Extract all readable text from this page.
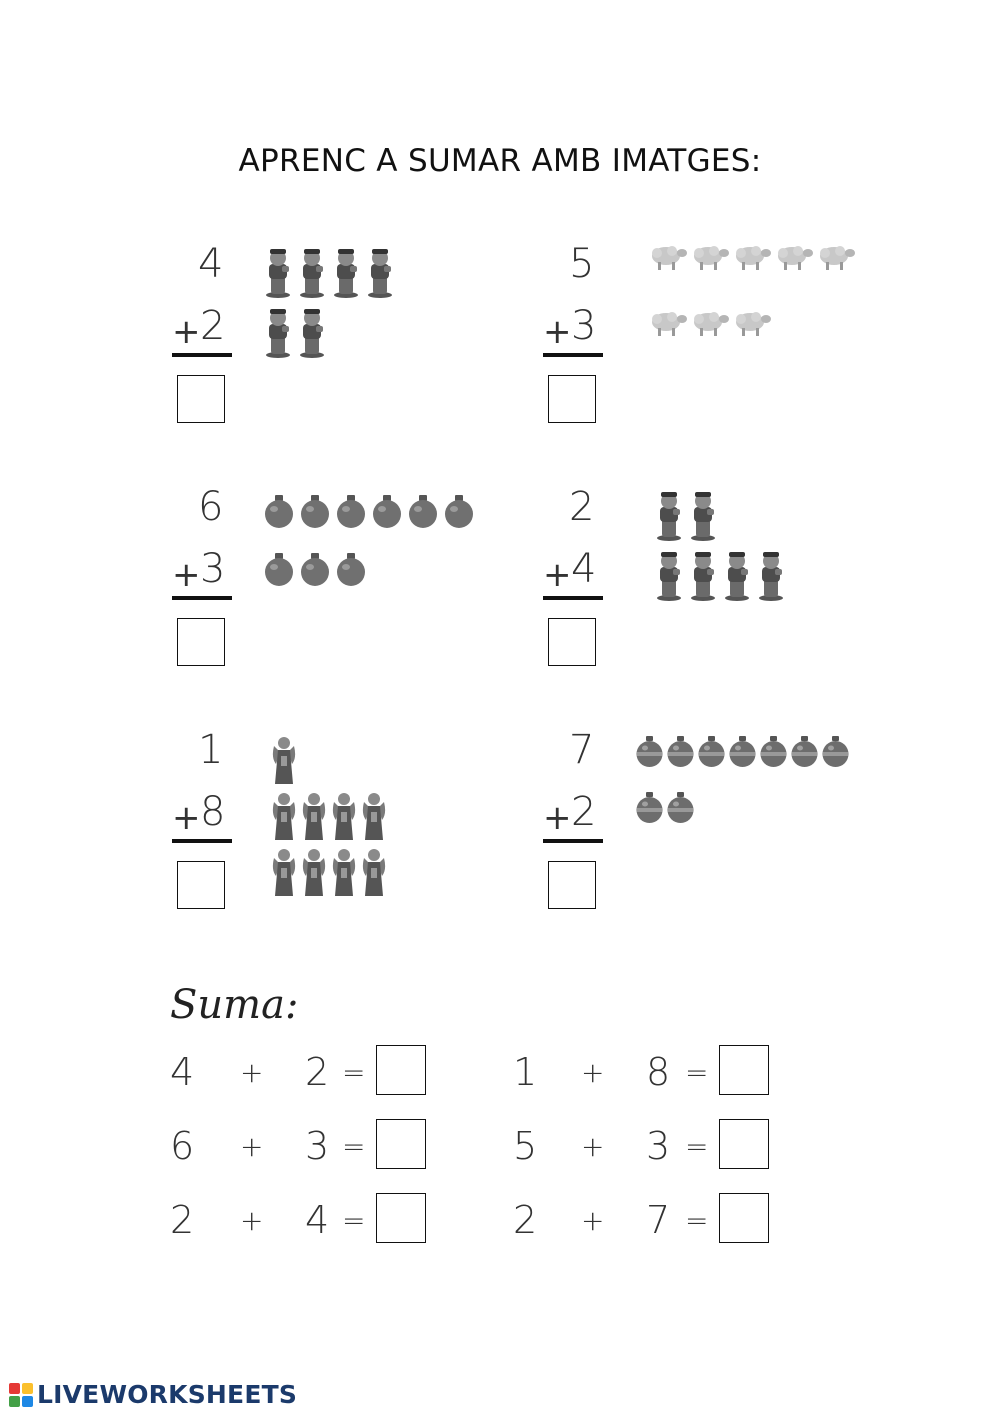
APRENC A SUMAR AMB IMATGES:
4
+ 2
5
+ 3
6
+ 3
2
+ 4
1
+ 8
7
+ 2
Suma:
4 + 2 =	1 + 8 =
6 + 3 =	5 + 3 =
2 + 4 =	2 + 7 =
LIVEWORKSHEETS
